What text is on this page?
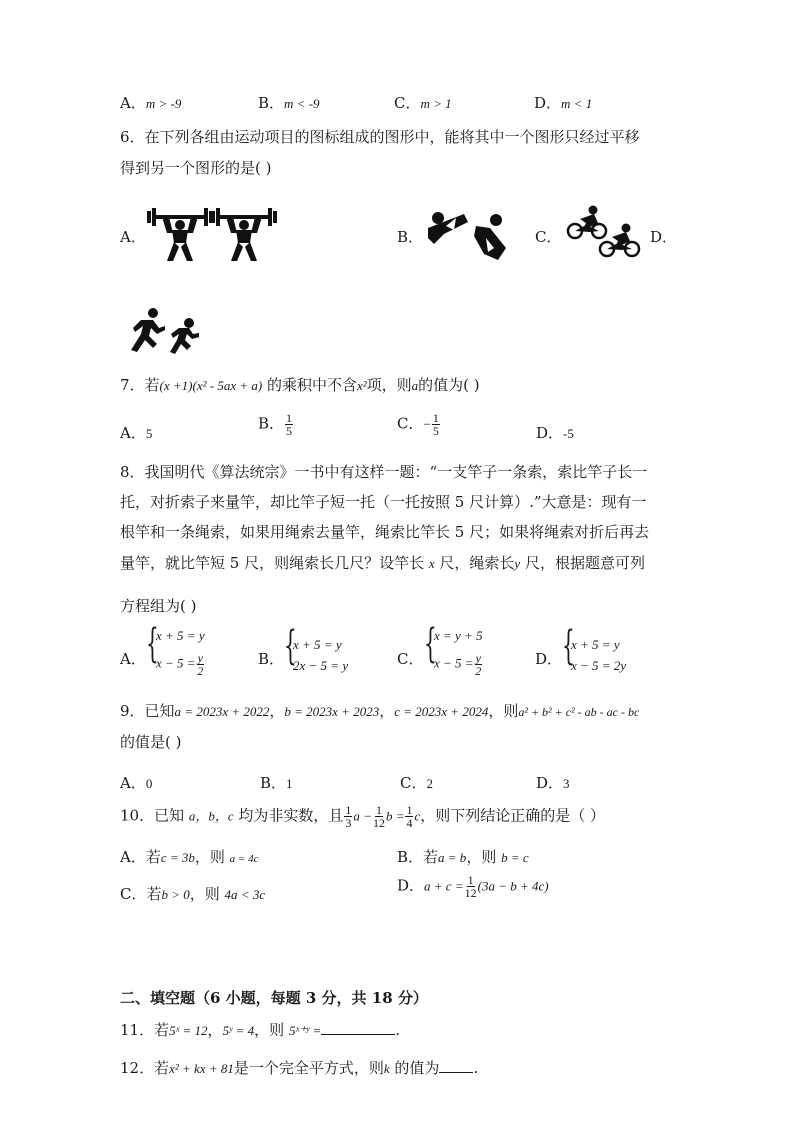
A．m > -9	B．m < -9	C．m > 1	D．m < 1
6．在下列各组由运动项目的图标组成的图形中，能将其中一个图形只经过平移
得到另一个图形的是( )
A．	B．	C．	D．
7．若(x +1)(x² - 5ax + a) 的乘积中不含x²项，则a的值为( )
A．5
B． $\frac{1}{5}$	C．− $\frac{1}{5}$	D．-5
8．我国明代《算法统宗》一书中有这样一题：“一支竿子一条索，索比竿子长一
托，对折索子来量竿，却比竿子短一托（一托按照 5 尺计算）.”大意是：现有一
根竿和一条绳索，如果用绳索去量竿，绳索比竿长 5 尺；如果将绳索对折后再去
量竿，就比竿短 5 尺，则绳索长几尺？设竿长 x 尺，绳索长y 尺，根据题意可列
方程组为( )
A． {
x + 5 = y
$x - 5 = \frac{y}{2}$	B． {
x + 5 = y
2x − 5 = y	C． {
x = y + 5
$x - 5 = \frac{y}{2}$	D． {
x + 5 = y
x − 5 = 2y
9．已知a = 2023x + 2022，b = 2023x + 2023，c = 2023x + 2024，则a² + b² + c² - ab - ac - bc
的值是( )
A．0	B．1	C．2	D．3
10．已知 a，b，c 均为非实数，且 $\frac{1}{3}$ $a - \frac{1}{12}$ $b = \frac{1}{4}$ c，则下列结论正确的是（ ）
A．若c = 3b，则 a = 4c	B．若a = b，则 b = c
C．若b > 0，则 4a < 3c	D．$a + c = \frac{1}{12} (3a - b + 4c)$
二、填空题（6 小题，每题 3 分，共 18 分）
11．若5ˣ = 12，5ʸ = 4，则 5ˣ⁺ʸ =	.
12．若x² + kx + 81是一个完全平方式，则k 的值为 .
